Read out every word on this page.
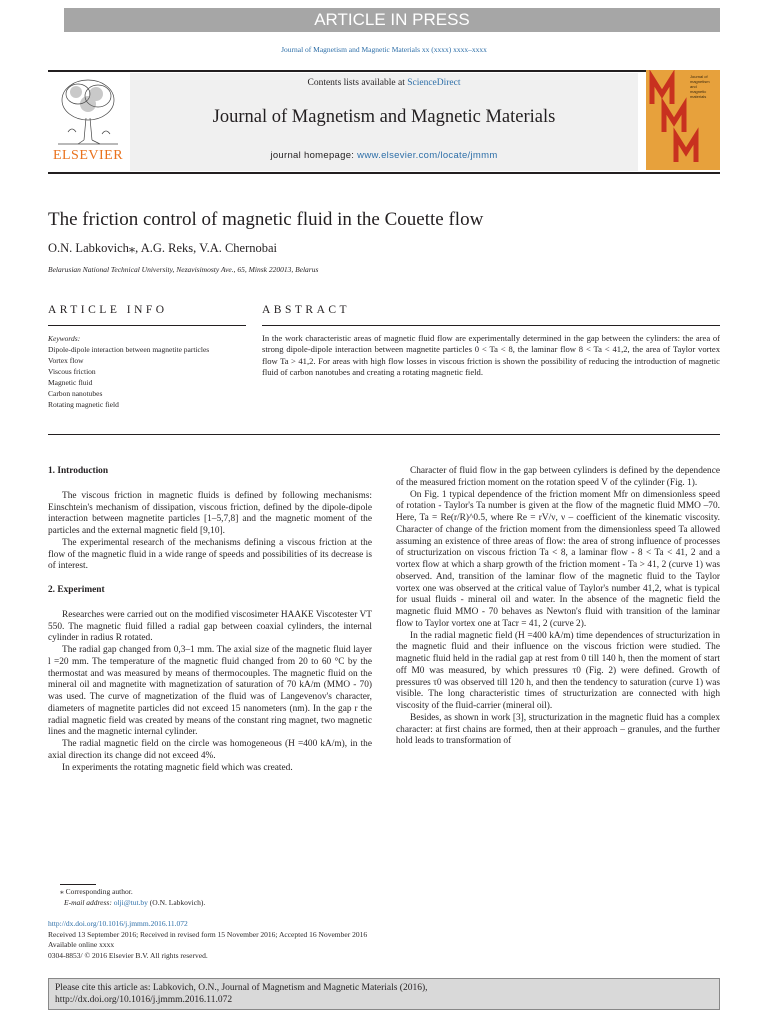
ARTICLE IN PRESS
Journal of Magnetism and Magnetic Materials xx (xxxx) xxxx–xxxx
ELSEVIER
Contents lists available at ScienceDirect
Journal of Magnetism and Magnetic Materials
journal homepage: www.elsevier.com/locate/jmmm
Journal of
magnetism
and
magnetic
materials
The friction control of magnetic fluid in the Couette flow
O.N. Labkovich⁎, A.G. Reks, V.A. Chernobai
Belarusian National Technical University, Nezavisimosty Ave., 65, Minsk 220013, Belarus
ARTICLE INFO	ABSTRACT
Keywords:
Dipole-dipole interaction between magnetite particles
Vortex flow
Viscous friction
Magnetic fluid
Carbon nanotubes
Rotating magnetic field
In the work characteristic areas of magnetic fluid flow are experimentally determined in the gap between the cylinders: the area of strong dipole-dipole interaction between magnetite particles 0 < Ta < 8, the laminar flow 8 < Ta < 41,2, the area of Taylor vortex flow Ta > 41,2. For areas with high flow losses in viscous friction is shown the possibility of reducing the introduction of magnetic fluid of carbon nanotubes and creating a rotating magnetic field.
1. Introduction

The viscous friction in magnetic fluids is defined by following mechanisms: Einschtein's mechanism of dissipation, viscous friction, defined by the dipole-dipole interaction between magnetite particles [1–5,7,8] and the magnetic moment of the particles and the external magnetic field [9,10].

The experimental research of the mechanisms defining a viscous friction at the flow of the magnetic fluid in a wide range of speeds and possibilities of its decrease is of interest.

2. Experiment

Researches were carried out on the modified viscosimeter HAAKE Viscotester VT 550. The magnetic fluid filled a radial gap between coaxial cylinders, the internal cylinder in radius R rotated.

The radial gap changed from 0,3–1 mm. The axial size of the magnetic fluid layer l =20 mm. The temperature of the magnetic fluid changed from 20 to 60 °C by the thermostat and was measured by means of thermocouples. The magnetic fluid on the mineral oil and magnetite with magnetization of saturation of 70 kA/m (MMO - 70) was used. The curve of magnetization of the fluid was of Langevenov's character, diameters of magnetite particles did not exceed 15 nanometers (nm). In the gap r the radial magnetic field was created by means of the constant ring magnet, two magnetic lines and the magnetic internal cylinder.

The radial magnetic field on the circle was homogeneous (H =400 kA/m), in the axial direction its change did not exceed 4%.

In experiments the rotating magnetic field which was created.

Character of fluid flow in the gap between cylinders is defined by the dependence of the measured friction moment on the rotation speed V of the cylinder (Fig. 1).

On Fig. 1 typical dependence of the friction moment Mfr on dimensionless speed of rotation - Taylor's Ta number is given at the flow of the magnetic fluid MMO –70. Here, Ta = Re(r/R)^0.5, where Re = rV/ν, ν – coefficient of the kinematic viscosity. Character of change of the friction moment from the dimensionless speed Ta allowed assuming an existence of three areas of flow: the area of strong influence of processes of structurization on viscous friction Ta < 8, a laminar flow - 8 < Ta < 41, 2 and a vortex flow at which a sharp growth of the friction moment - Ta > 41, 2 (curve 1) was observed. And, transition of the laminar flow of the magnetic fluid to the Taylor vortex one was observed at the critical value of Taylor's number 41,2, what is typical for usual fluids - mineral oil and water. In the absence of the magnetic field the magnetic fluid MMO - 70 behaves as Newton's fluid with transition of the laminar flow to Taylor vortex one at Tacr = 41, 2 (curve 2).

In the radial magnetic field (H =400 kA/m) time dependences of structurization in the magnetic fluid and their influence on the viscous friction were studied. The magnetic fluid held in the radial gap at rest from 0 till 140 h, then the moment of start off M0 was measured, by which pressures τ0 (Fig. 2) were defined. Growth of pressures τ0 was observed till 120 h, and then the tendency to saturation (curve 1) was visible. The long characteristic times of structurization are connected with high viscosity of the fluid-carrier (mineral oil).

Besides, as shown in work [3], structurization in the magnetic fluid has a complex character: at first chains are formed, then at their approach – granules, and the further hold leads to transformation of

⁎ Corresponding author.
E-mail address: olji@tut.by (O.N. Labkovich).
http://dx.doi.org/10.1016/j.jmmm.2016.11.072
Received 13 September 2016; Received in revised form 15 November 2016; Accepted 16 November 2016
Available online xxxx
0304-8853/ © 2016 Elsevier B.V. All rights reserved.
Please cite this article as: Labkovich, O.N., Journal of Magnetism and Magnetic Materials (2016),
http://dx.doi.org/10.1016/j.jmmm.2016.11.072
